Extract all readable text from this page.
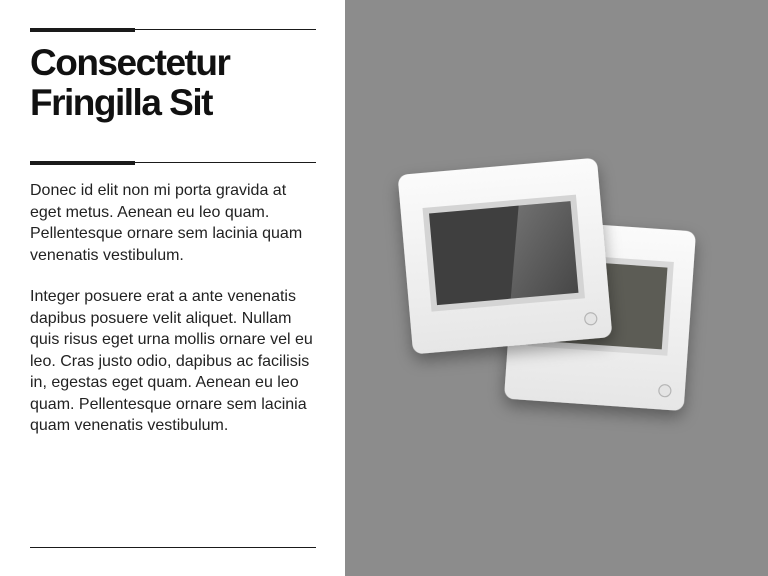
Consectetur
Fringilla Sit

Donec id elit non mi porta gravida at eget metus. Aenean eu leo quam. Pellentesque ornare sem lacinia quam venenatis vestibulum.

Integer posuere erat a ante venenatis dapibus posuere velit aliquet. Nullam quis risus eget urna mollis ornare vel eu leo. Cras justo odio, dapibus ac facilisis in, egestas eget quam. Aenean eu leo quam. Pellentesque ornare sem lacinia quam venenatis vestibulum.
